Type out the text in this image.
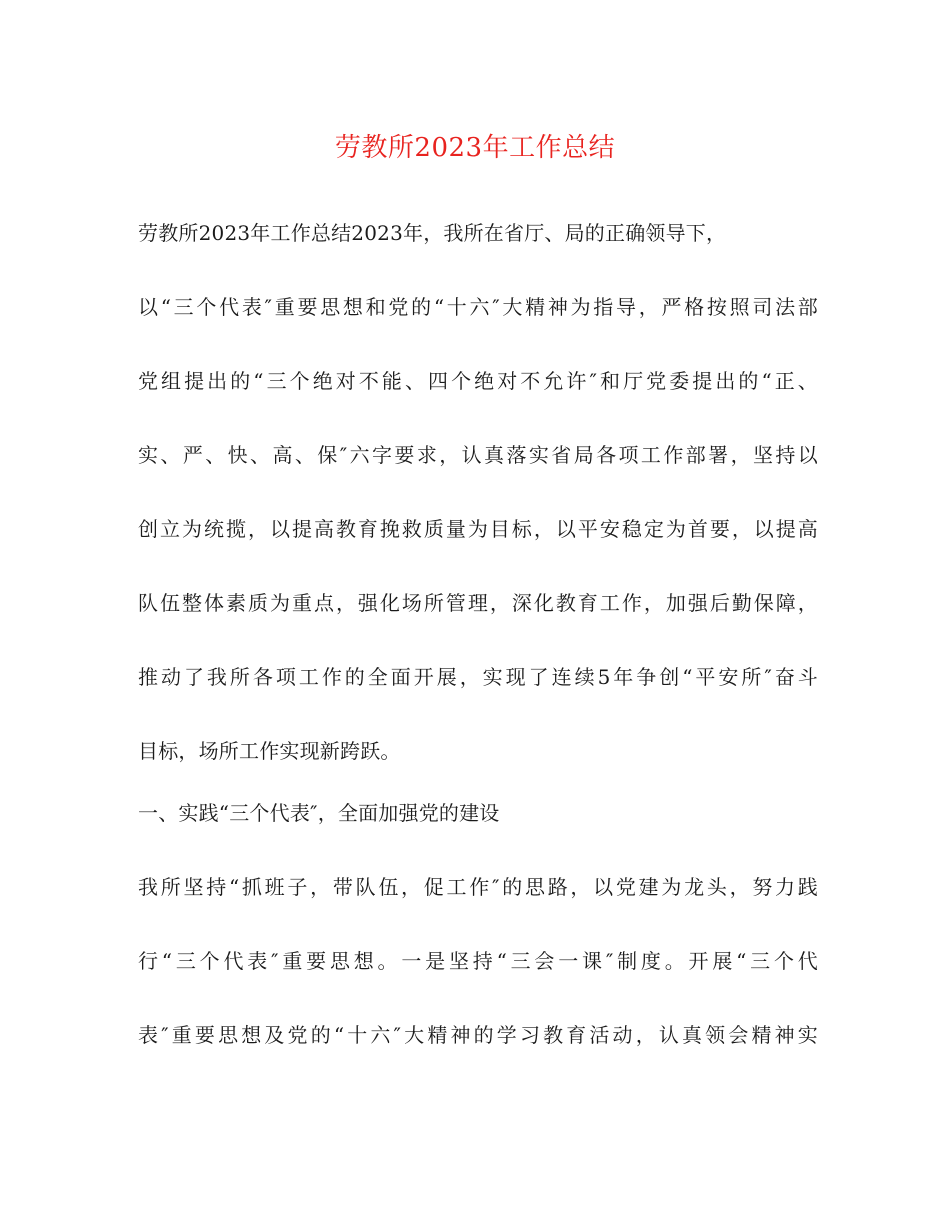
劳教所2023年工作总结

劳教所2023年工作总结2023年，我所在省厅、局的正确领导下，

以“三个代表″重要思想和党的“十六″大精神为指导，严格按照司法部

党组提出的“三个绝对不能、四个绝对不允许″和厅党委提出的“正、

实、严、快、高、保″六字要求，认真落实省局各项工作部署，坚持以

创立为统揽，以提高教育挽救质量为目标，以平安稳定为首要，以提高

队伍整体素质为重点，强化场所管理，深化教育工作，加强后勤保障，

推动了我所各项工作的全面开展，实现了连续5年争创“平安所″奋斗

目标，场所工作实现新跨跃。

一、实践“三个代表″，全面加强党的建设

我所坚持“抓班子，带队伍，促工作″的思路，以党建为龙头，努力践

行“三个代表″重要思想。一是坚持“三会一课″制度。开展“三个代

表″重要思想及党的“十六″大精神的学习教育活动，认真领会精神实
